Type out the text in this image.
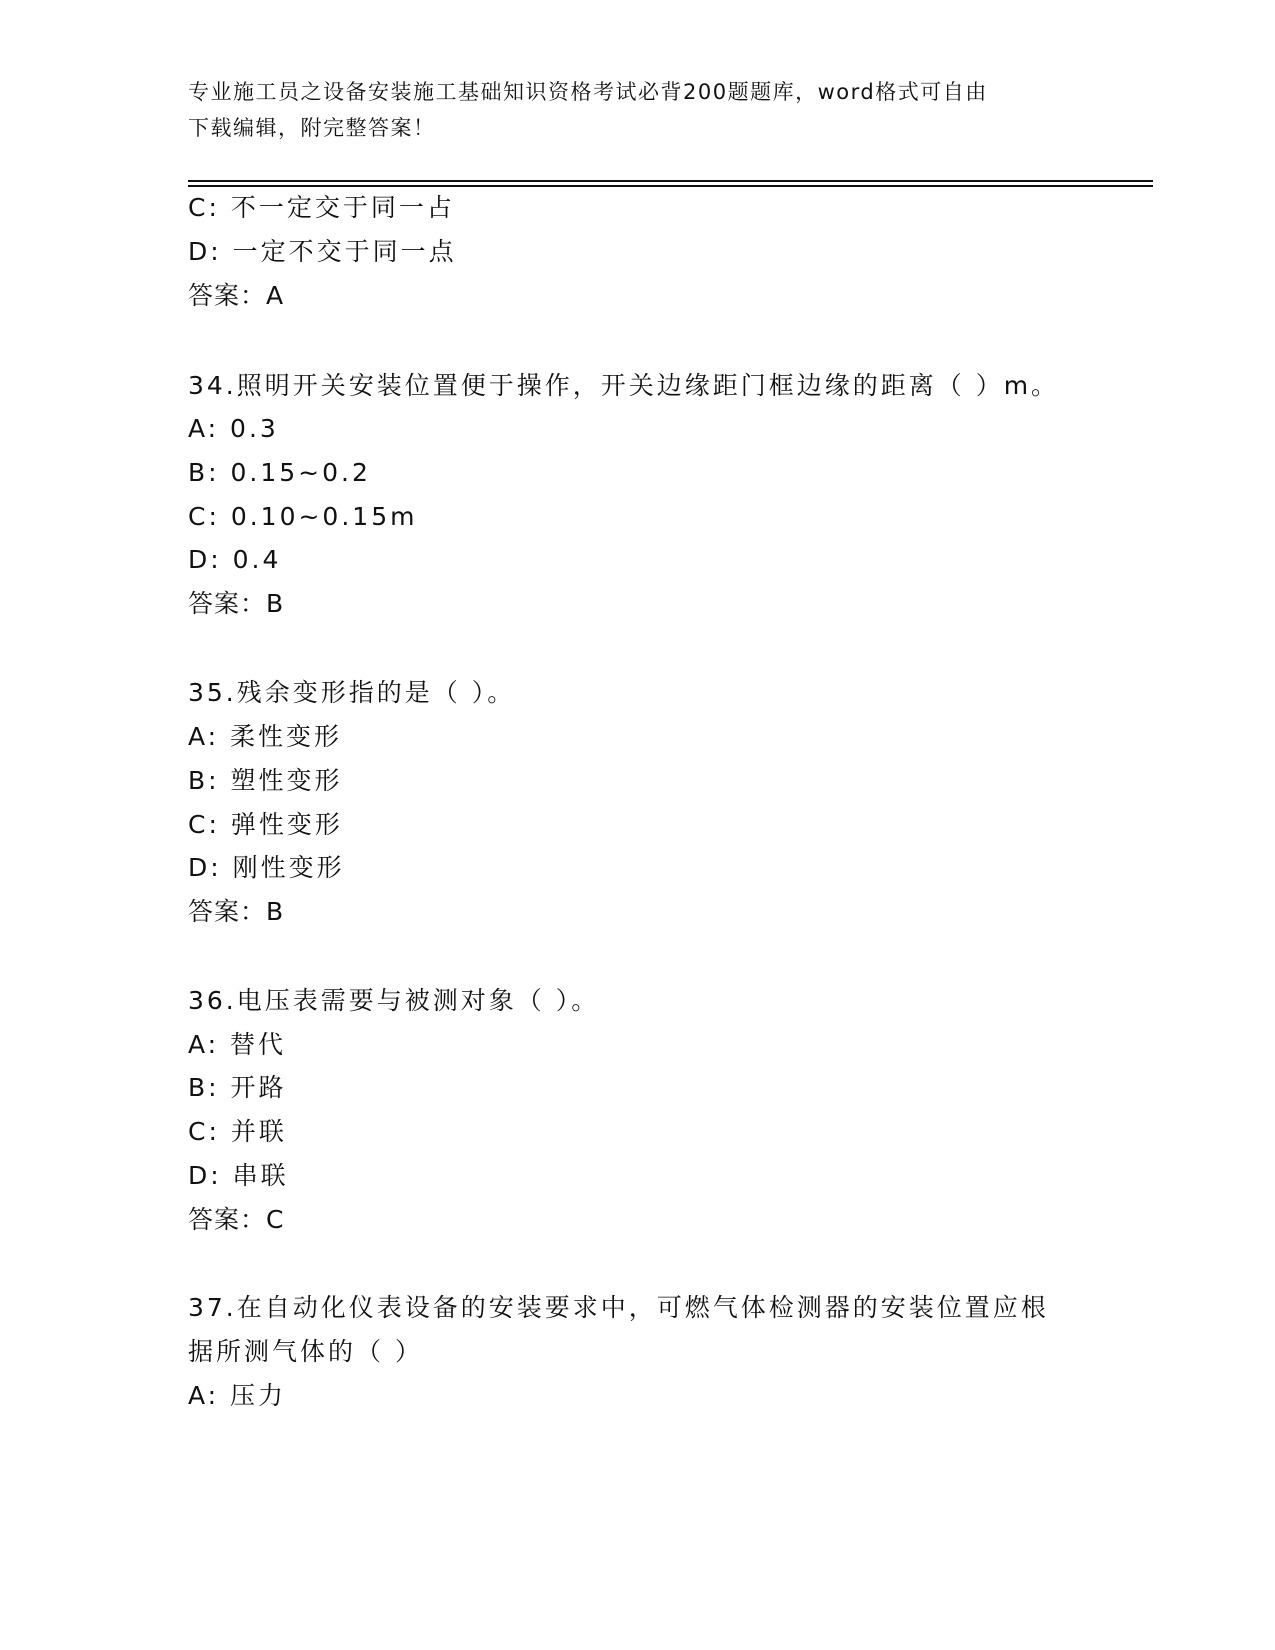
专业施工员之设备安装施工基础知识资格考试必背200题题库，word格式可自由
下载编辑，附完整答案！
C: 不一定交于同一占
D: 一定不交于同一点
答案：A
34.照明开关安装位置便于操作，开关边缘距门框边缘的距离（ ）m。
A: 0.3
B: 0.15~0.2
C: 0.10~0.15m
D: 0.4
答案：B
35.残余变形指的是（ ）。
A: 柔性变形
B: 塑性变形
C: 弹性变形
D: 刚性变形
答案：B
36.电压表需要与被测对象（ ）。
A: 替代
B: 开路
C: 并联
D: 串联
答案：C
37.在自动化仪表设备的安装要求中，可燃气体检测器的安装位置应根
据所测气体的（ ）
A: 压力
